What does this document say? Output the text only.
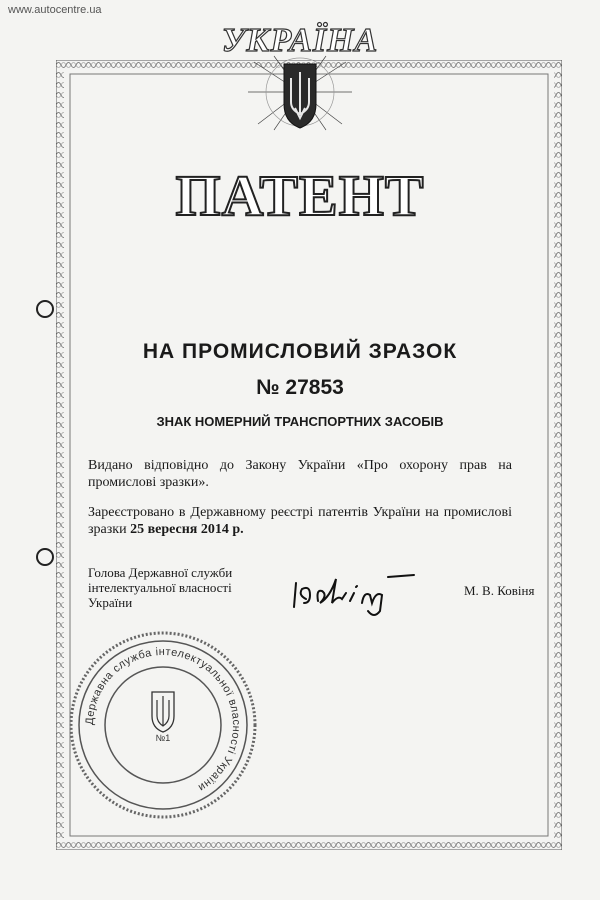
www.autocentre.ua
УКРАЇНА
ПАТЕНТ
НА ПРОМИСЛОВИЙ ЗРАЗОК
№ 27853
ЗНАК НОМЕРНИЙ ТРАНСПОРТНИХ ЗАСОБІВ
Видано відповідно до Закону України «Про охорону прав на промислові зразки».
Зареєстровано в Державному реєстрі патентів України на промислові зразки 25 вересня 2014 р.
Голова Державної служби
інтелектуальної власності
України
М. В. Ковіня
Державна служба інтелектуальної власності України
№1
